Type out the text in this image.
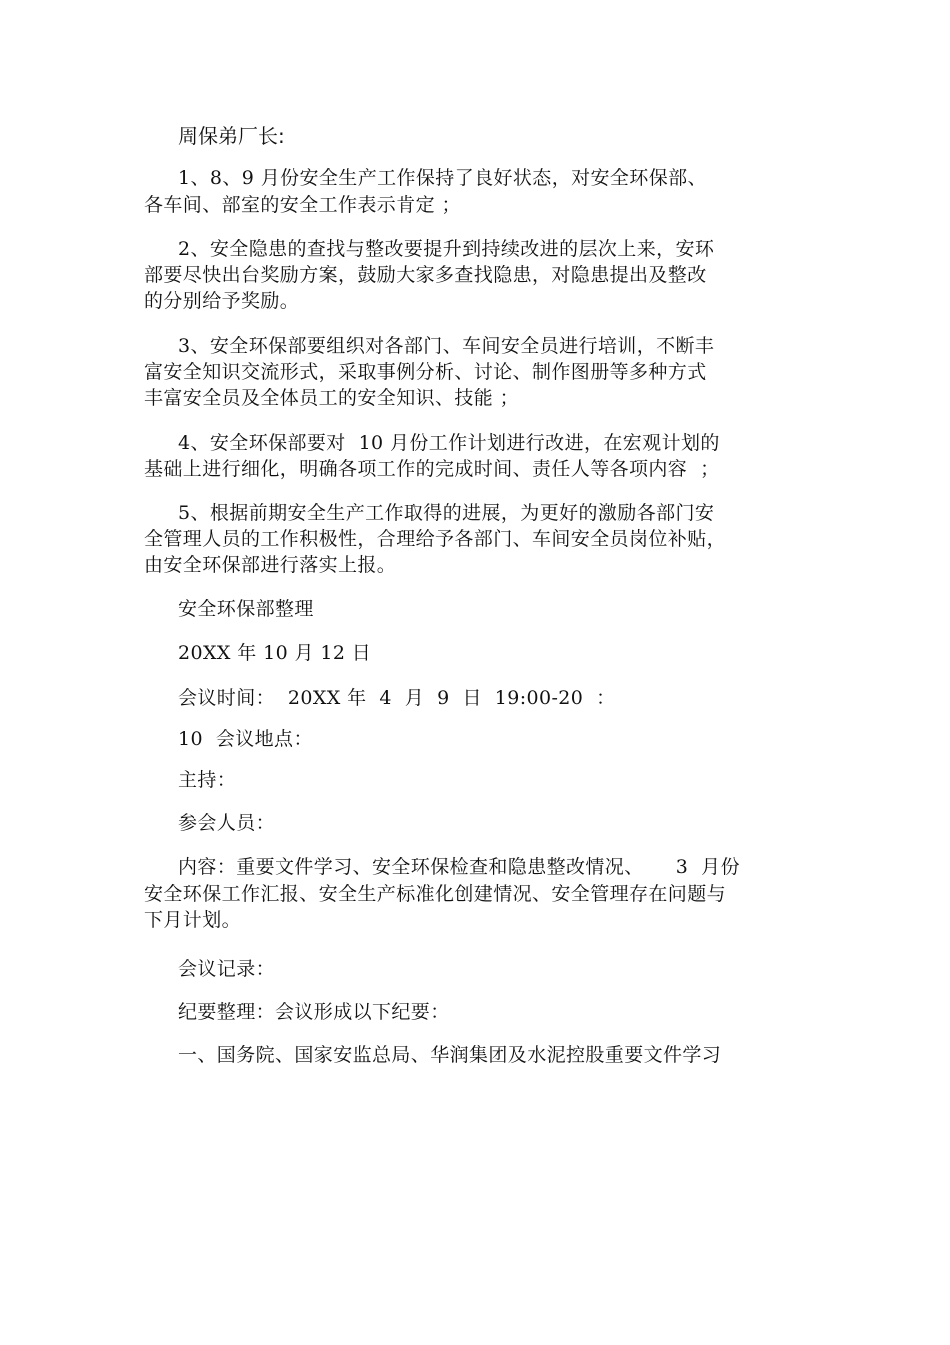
周保弟厂长:
1、8、9 月份安全生产工作保持了良好状态，对安全环保部、
各车间、部室的安全工作表示肯定 ；
2、安全隐患的查找与整改要提升到持续改进的层次上来，安环
部要尽快出台奖励方案，鼓励大家多查找隐患，对隐患提出及整改
的分别给予奖励。
3、安全环保部要组织对各部门、车间安全员进行培训，不断丰
富安全知识交流形式，采取事例分析、讨论、制作图册等多种方式
丰富安全员及全体员工的安全知识、技能 ；
4、安全环保部要对  10 月份工作计划进行改进，在宏观计划的
基础上进行细化，明确各项工作的完成时间、责任人等各项内容  ；
5、根据前期安全生产工作取得的进展，为更好的激励各部门安
全管理人员的工作积极性，合理给予各部门、车间安全员岗位补贴，
由安全环保部进行落实上报。
安全环保部整理
20XX 年 10 月 12 日
会议时间：  20XX 年  4  月  9  日  19:00-20  ：
10  会议地点：
主持：
参会人员：
内容：重要文件学习、安全环保检查和隐患整改情况、     3  月份
安全环保工作汇报、安全生产标准化创建情况、安全管理存在问题与
下月计划。
会议记录：
纪要整理：会议形成以下纪要：
一、国务院、国家安监总局、华润集团及水泥控股重要文件学习
